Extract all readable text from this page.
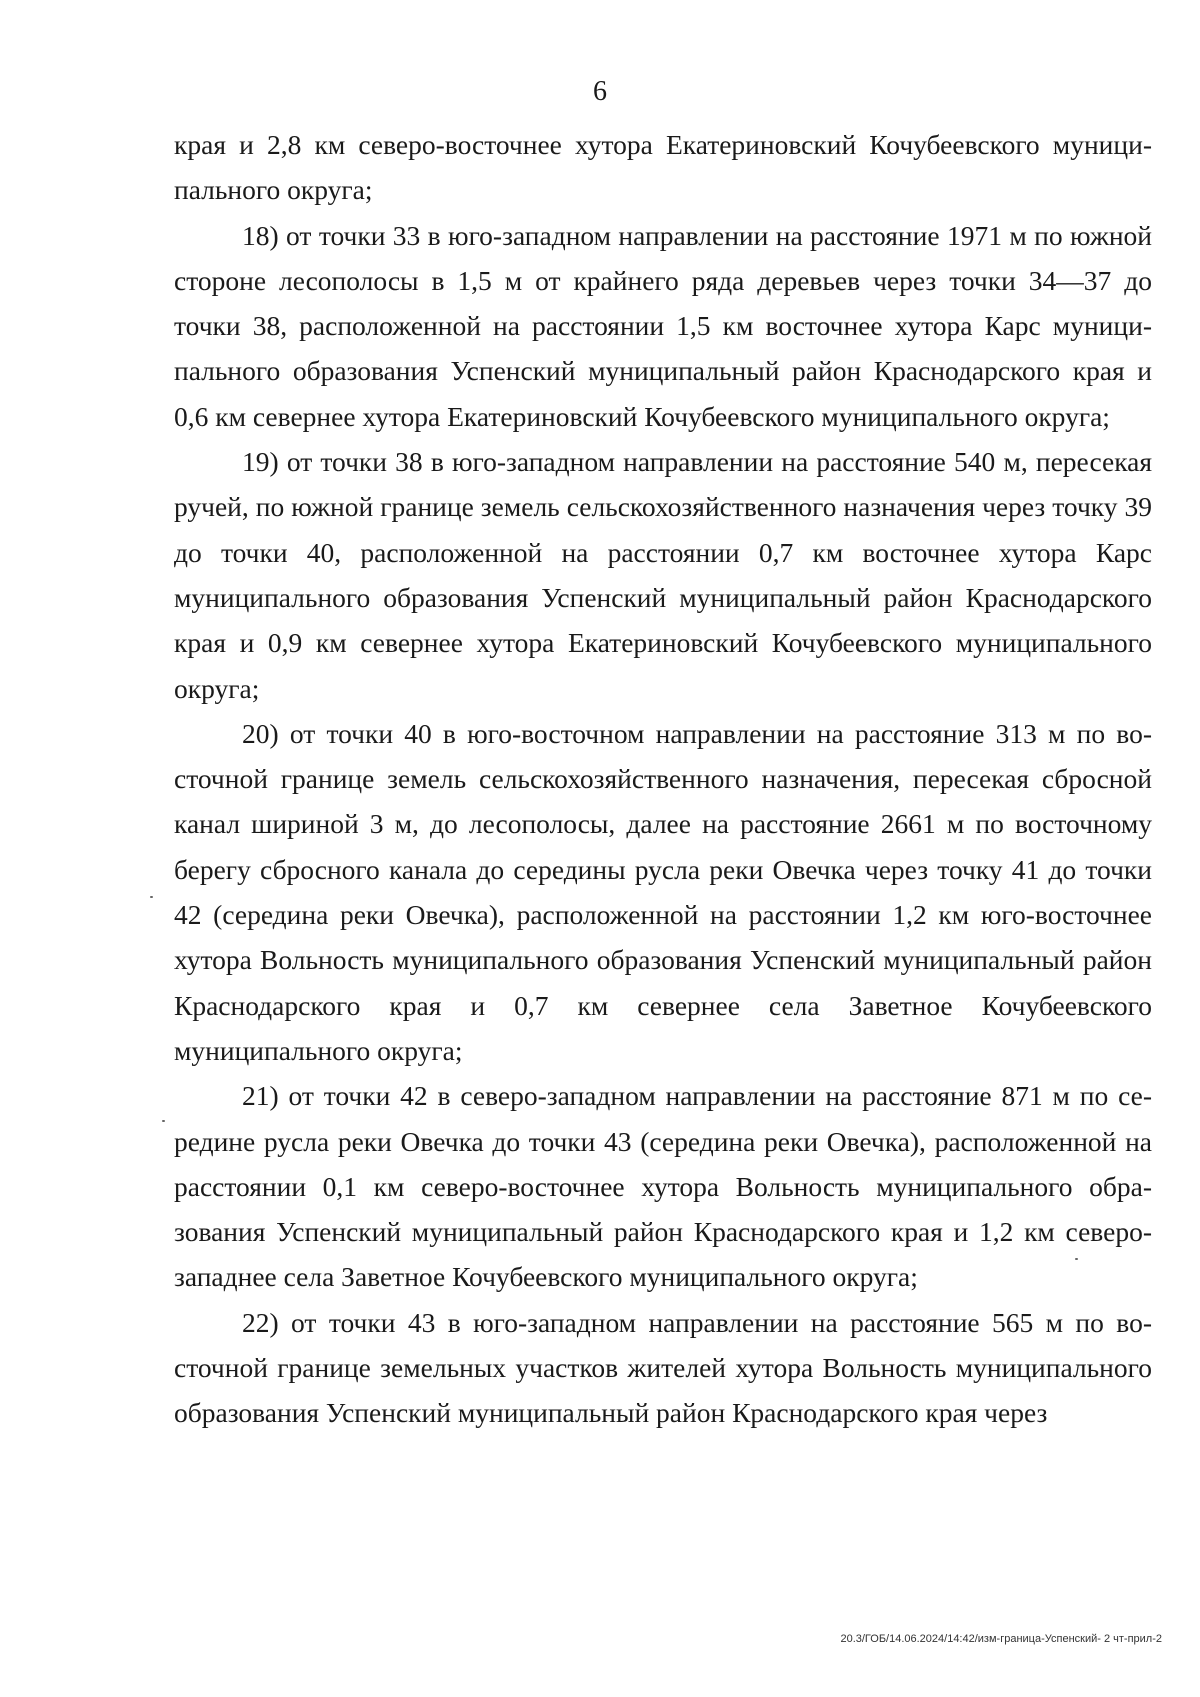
6

края и 2,8 км северо-восточнее хутора Екатериновский Кочубеевского муниципального округа;

18) от точки 33 в юго-западном направлении на расстояние 1971 м по южной стороне лесополосы в 1,5 м от крайнего ряда деревьев через точки 34—37 до точки 38, расположенной на расстоянии 1,5 км восточнее хутора Карс муниципального образования Успенский муниципальный район Краснодарского края и 0,6 км севернее хутора Екатериновский Кочубеевского муниципального округа;

19) от точки 38 в юго-западном направлении на расстояние 540 м, пересекая ручей, по южной границе земель сельскохозяйственного назначения через точку 39 до точки 40, расположенной на расстоянии 0,7 км восточнее хутора Карс муниципального образования Успенский муниципальный район Краснодарского края и 0,9 км севернее хутора Екатериновский Кочубеевского муниципального округа;

20) от точки 40 в юго-восточном направлении на расстояние 313 м по восточной границе земель сельскохозяйственного назначения, пересекая сбросной канал шириной 3 м, до лесополосы, далее на расстояние 2661 м по восточному берегу сбросного канала до середины русла реки Овечка через точку 41 до точки 42 (середина реки Овечка), расположенной на расстоянии 1,2 км юго-восточнее хутора Вольность муниципального образования Успенский муниципальный район Краснодарского края и 0,7 км севернее села Заветное Кочубеевского муниципального округа;

21) от точки 42 в северо-западном направлении на расстояние 871 м по середине русла реки Овечка до точки 43 (середина реки Овечка), расположенной на расстоянии 0,1 км северо-восточнее хутора Вольность муниципального образования Успенский муниципальный район Краснодарского края и 1,2 км северо-западнее села Заветное Кочубеевского муниципального округа;

22) от точки 43 в юго-западном направлении на расстояние 565 м по восточной границе земельных участков жителей хутора Вольность муниципального образования Успенский муниципальный район Краснодарского края через

20.3/ГОБ/14.06.2024/14:42/изм-граница-Успенский- 2 чт-прил-2
